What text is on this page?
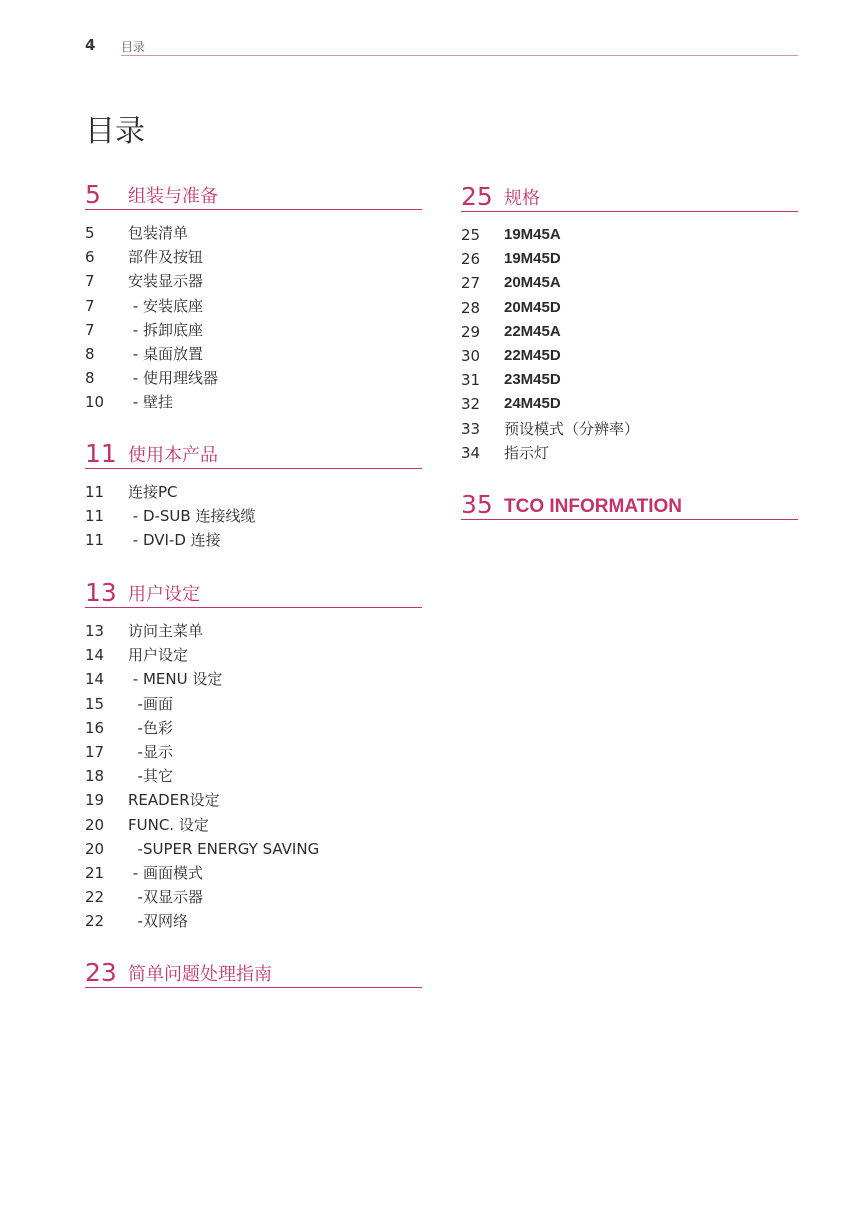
4 目录
目录
5 组装与准备
5 包装清单
6 部件及按钮
7 安装显示器
7 - 安装底座
7 - 拆卸底座
8 - 桌面放置
8 - 使用理线器
10 - 壁挂
11 使用本产品
11 连接PC
11 - D-SUB 连接线缆
11 - DVI-D 连接
13 用户设定
13 访问主菜单
14 用户设定
14 - MENU 设定
15 -画面
16 -色彩
17 -显示
18 -其它
19 READER设定
20 FUNC. 设定
20 -SUPER ENERGY SAVING
21 - 画面模式
22 -双显示器
22 -双网络
23 简单问题处理指南
25 规格
25 19M45A
26 19M45D
27 20M45A
28 20M45D
29 22M45A
30 22M45D
31 23M45D
32 24M45D
33 预设模式（分辨率）
34 指示灯
35 TCO INFORMATION
